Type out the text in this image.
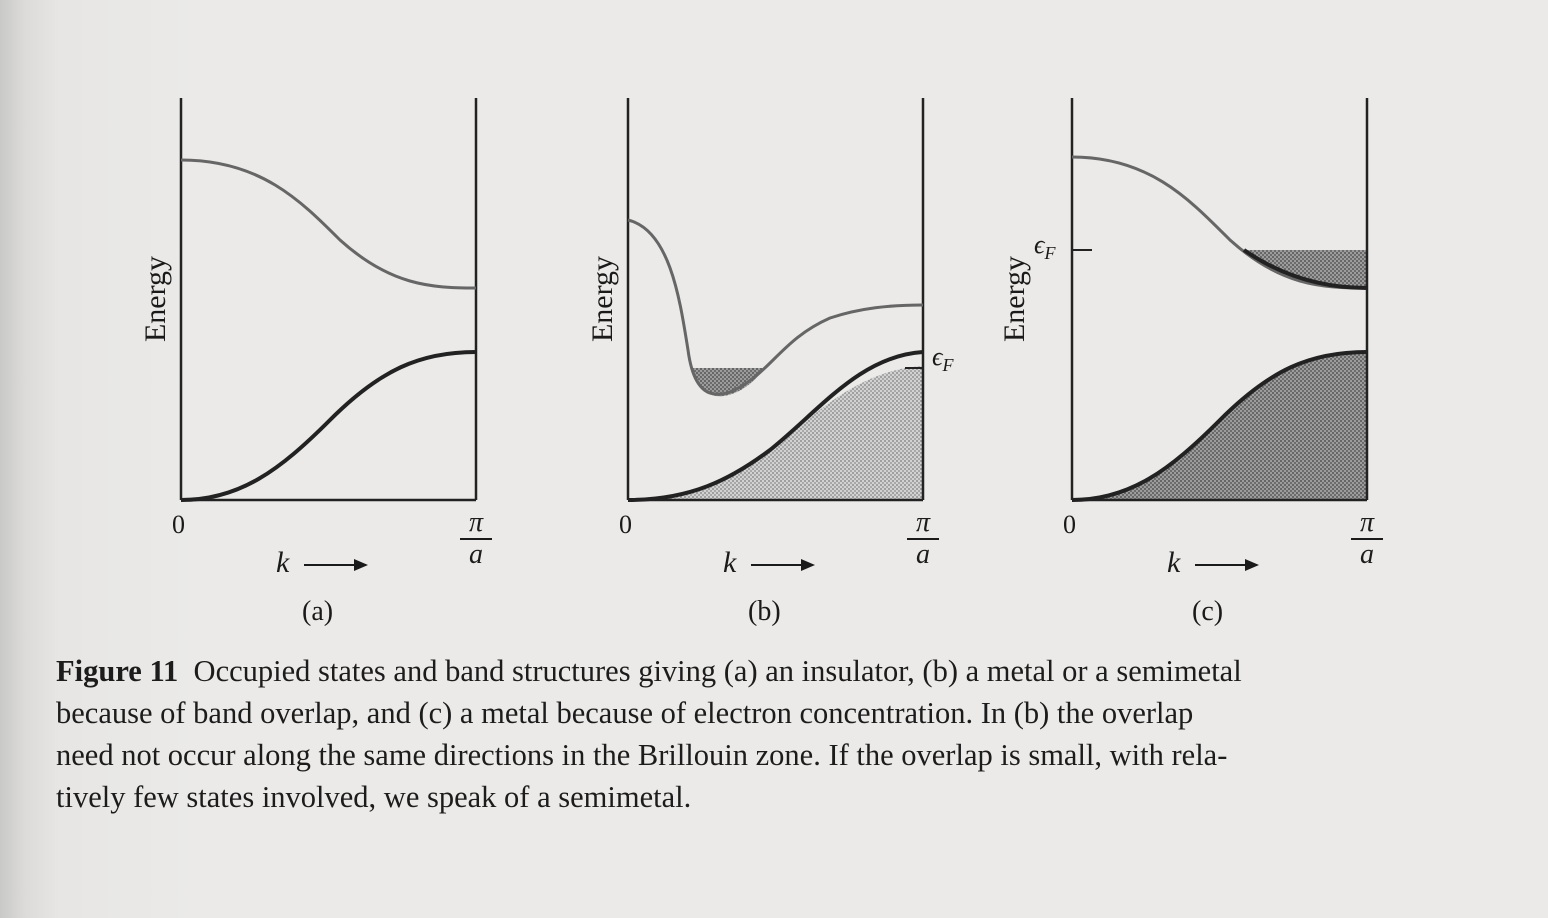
Energy
0	π
a
k
(a)
Energy
0	π
a
k
(b)
$\epsilon_F$
Energy
0	π
a
k
(c)
$\epsilon_F$
Figure 11 Occupied states and band structures giving (a) an insulator, (b) a metal or a semimetal
because of band overlap, and (c) a metal because of electron concentration. In (b) the overlap
need not occur along the same directions in the Brillouin zone. If the overlap is small, with rela-
tively few states involved, we speak of a semimetal.
